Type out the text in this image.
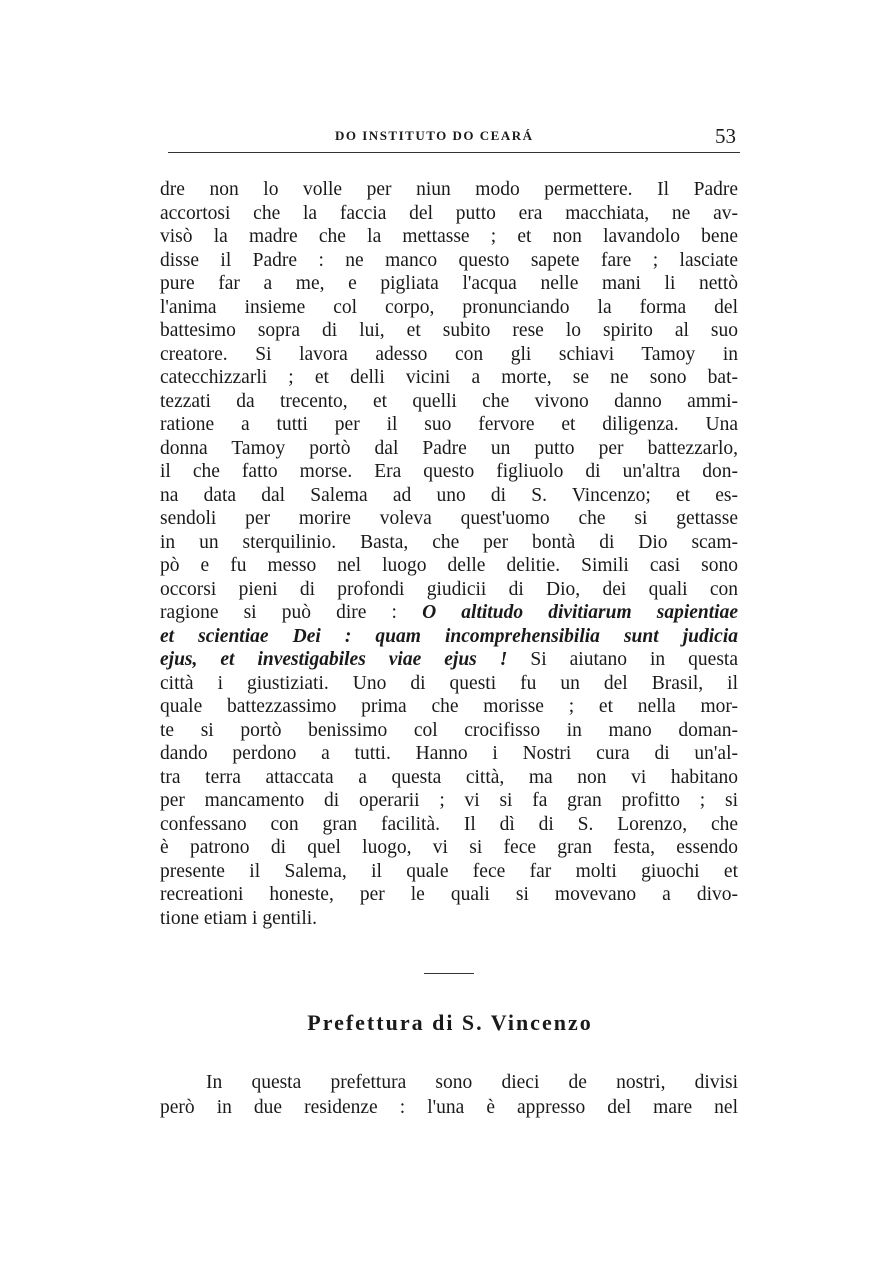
DO INSTITUTO DO CEARÁ	53
dre non lo volle per niun modo permettere. Il Padre
accortosi che la faccia del putto era macchiata, ne av-
visò la madre che la mettasse ; et non lavandolo bene
disse il Padre : ne manco questo sapete fare ; lasciate
pure far a me, e pigliata l'acqua nelle mani li nettò
l'anima insieme col corpo, pronunciando la forma del
battesimo sopra di lui, et subito rese lo spirito al suo
creatore. Si lavora adesso con gli schiavi Tamoy in
catecchizzarli ; et delli vicini a morte, se ne sono bat-
tezzati da trecento, et quelli che vivono danno ammi-
ratione a tutti per il suo fervore et diligenza. Una
donna Tamoy portò dal Padre un putto per battezzarlo,
il che fatto morse. Era questo figliuolo di un'altra don-
na data dal Salema ad uno di S. Vincenzo; et es-
sendoli per morire voleva quest'uomo che si gettasse
in un sterquilinio. Basta, che per bontà di Dio scam-
pò e fu messo nel luogo delle delitie. Simili casi sono
occorsi pieni di profondi giudicii di Dio, dei quali con
ragione si può dire : O altitudo divitiarum sapientiae
et scientiae Dei : quam incomprehensibilia sunt judicia
ejus, et investigabiles viae ejus ! Si aiutano in questa
città i giustiziati. Uno di questi fu un del Brasil, il
quale battezzassimo prima che morisse ; et nella mor-
te si portò benissimo col crocifisso in mano doman-
dando perdono a tutti. Hanno i Nostri cura di un'al-
tra terra attaccata a questa città, ma non vi habitano
per mancamento di operarii ; vi si fa gran profitto ; si
confessano con gran facilità. Il dì di S. Lorenzo, che
è patrono di quel luogo, vi si fece gran festa, essendo
presente il Salema, il quale fece far molti giuochi et
recreationi honeste, per le quali si movevano a divo-
tione etiam i gentili.
Prefettura di S. Vincenzo
In questa prefettura sono dieci de nostri, divisi
però in due residenze : l'una è appresso del mare nel
